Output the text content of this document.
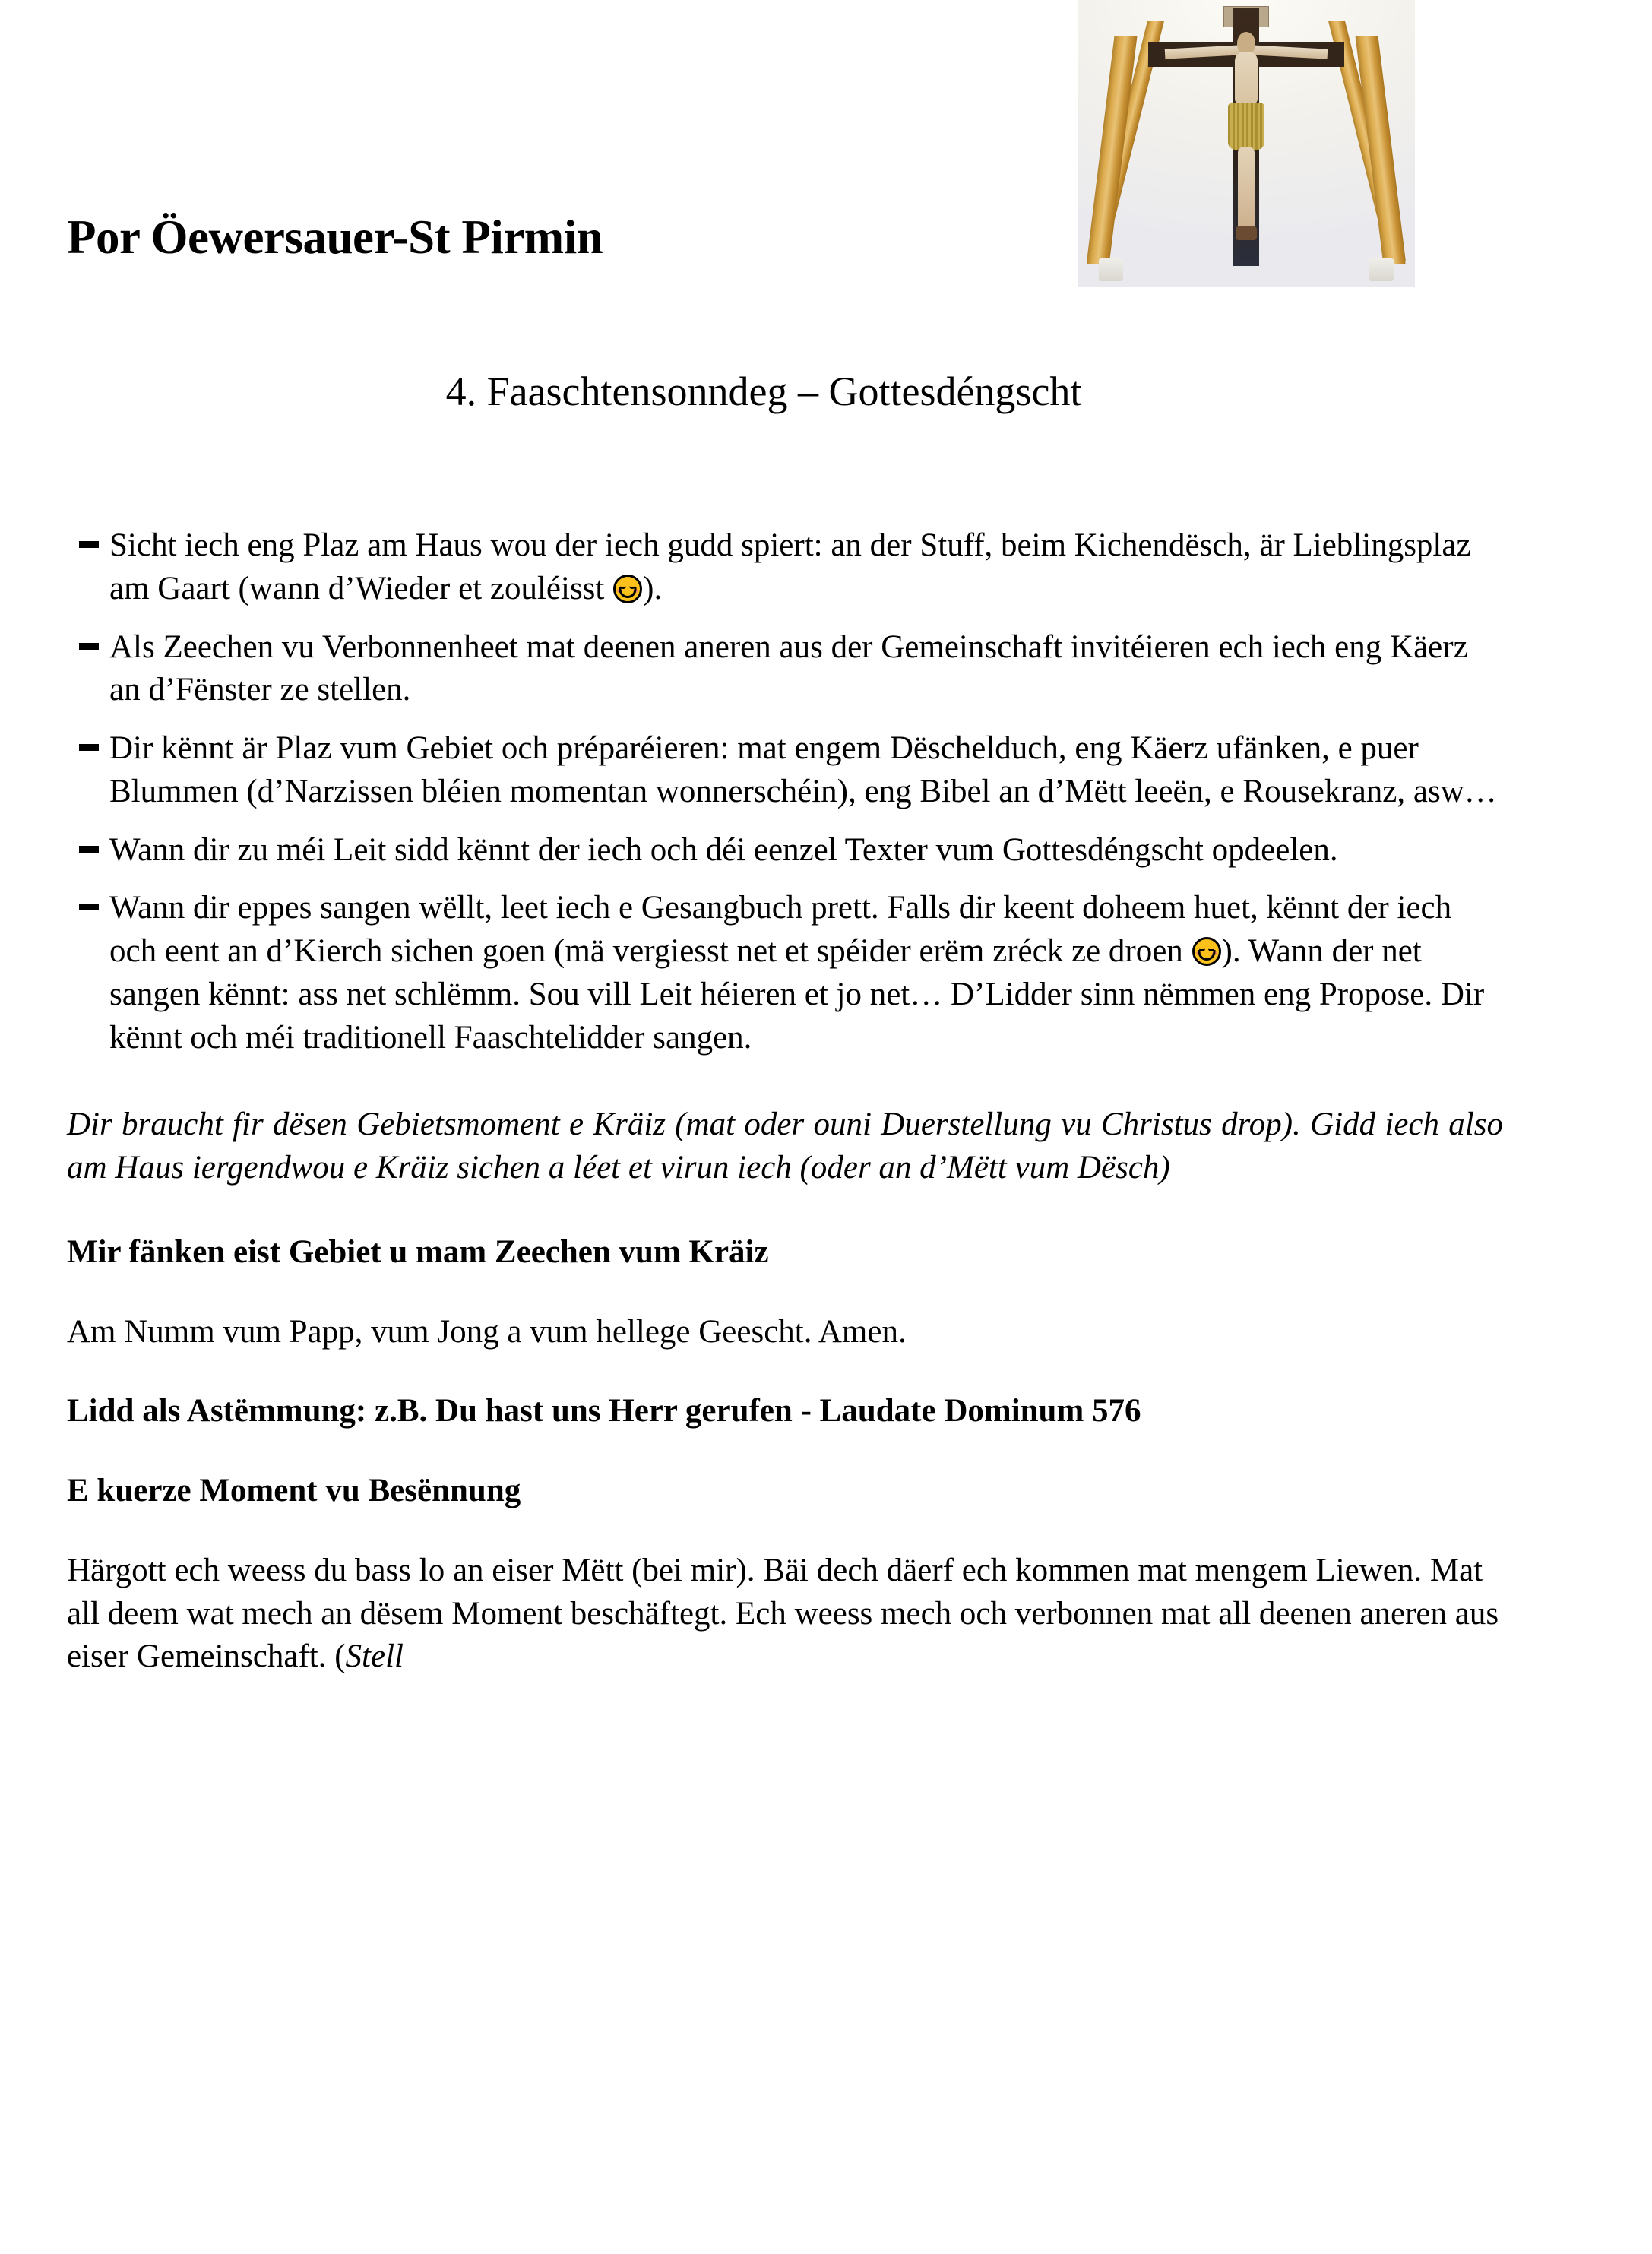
Por Öewersauer-St Pirmin
4. Faaschtensonndeg – Gottesdéngscht
Sicht iech eng Plaz am Haus wou der iech gudd spiert: an der Stuff, beim Kichendësch, är Lieblingsplaz am Gaart (wann d’Wieder et zouléisst
).
Als Zeechen vu Verbonnenheet mat deenen aneren aus der Gemeinschaft invitéieren ech iech eng Käerz an d’Fënster ze stellen.
Dir kënnt är Plaz vum Gebiet och préparéieren: mat engem Dëschelduch, eng Käerz ufänken, e puer Blummen (d’Narzissen bléien momentan wonnerschéin), eng Bibel an d’Mëtt leeën, e Rousekranz, asw…
Wann dir zu méi Leit sidd kënnt der iech och déi eenzel Texter vum Gottesdéngscht opdeelen.
Wann dir eppes sangen wëllt, leet iech e Gesangbuch prett. Falls dir keent doheem huet, kënnt der iech och eent an d’Kierch sichen goen (mä vergiesst net et spéider erëm zréck ze droen
). Wann der net sangen kënnt: ass net schlëmm. Sou vill Leit héieren et jo net… D’Lidder sinn nëmmen eng Propose. Dir kënnt och méi traditionell Faaschtelidder sangen.

Dir braucht fir dësen Gebietsmoment e Kräiz (mat oder ouni Duerstellung vu Christus drop). Gidd iech also am Haus iergendwou e Kräiz sichen a léet et virun iech (oder an d’Mëtt vum Dësch)

Mir fänken eist Gebiet u mam Zeechen vum Kräiz

Am Numm vum Papp, vum Jong a vum hellege Geescht. Amen.

Lidd als Astëmmung: z.B. Du hast uns Herr gerufen - Laudate Dominum 576

E kuerze Moment vu Besënnung

Härgott ech weess du bass lo an eiser Mëtt (bei mir). Bäi dech däerf ech kommen mat mengem Liewen. Mat all deem wat mech an dësem Moment beschäftegt. Ech weess mech och verbonnen mat all deenen aneren aus eiser Gemeinschaft. (Stell
